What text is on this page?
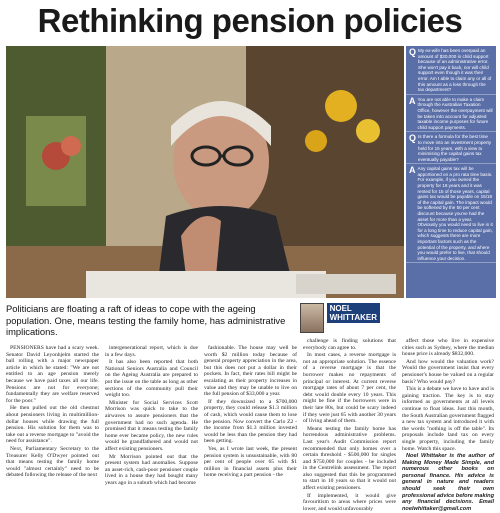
Rethinking pension policies
Q My ex-wife has been overpaid an amount of $30,000 in child support because of an administrative error. She won't pay it back, nor will child support even though it was their error. Am I able to claim any or all of this amount as a loss through the tax department?
A You are not able to make a claim through the Australian Taxation Office, however the overpayment will be taken into account for adjusted taxable income purposes for future child support payments.
Q Is there a formula for the best time to move into an investment property held for 15 years, with a view to minimising the capital gains tax eventually payable?
A Any capital gains tax will be apportioned on a pro rata time basis. For example, if you owned the property for 18 years and it was rented for 15 of those years, capital gains tax would be payable on 15/18 of the capital gain. The impact would be softened by the 50 per cent discount because you've had the asset for more than a year. Obviously you would need to live in it for a long time to reduce capital gain, which suggests there are more important factors such as the potential of the property, and where you would prefer to live, that should influence your decision.
Politicians are floating a raft of ideas to cope with the ageing population. One, means testing the family home, has administrative implications.
NOEL
WHITTAKER

PENSIONERS have had a scary week. Senator David Leyonhjelm started the ball rolling with a major newspaper article in which he stated: "We are not entitled to an age pension merely because we have paid taxes all our life. Pensions are not for everyone; fundamentally they are welfare reserved for the poor."

He then pulled out the old chestnut about pensioners living in multimillion-dollar houses while drawing the full pension. His solution for them was to take out a reverse mortgage to "avoid the need for assistance".

Next, Parliamentary Secretary to the Treasurer Kelly O'Dwyer pointed out that means testing the family home would "almost certainly" need to be debated following the release of the next

intergenerational report, which is due in a few days.

It has also been reported that both National Seniors Australia and Council on the Ageing Australia are prepared to put the issue on the table as long as other sections of the community pull their weight too.

Minister for Social Services Scott Morrison was quick to take to the airwaves to assure pensioners that the government had no such agenda. He promised that it means testing the family home ever became policy, the new rules would be grandfathered and would not affect existing pensioners.

Mr Morrison pointed out that the present system had anomalies. Suppose an asset-rich, cash-poor pensioner couple lived in a house they had bought many years ago in a suburb which had become

fashionable. The house may well be worth $2 million today because of general property appreciation in the area, but this does not put a dollar in their pockets. In fact, their rates bill might be escalating as their property increases in value and they may be unable to live on the full pension of $33,000 a year.

If they downsized to a $700,000 property, they could release $1.3 million of cash, which would cause them to lose the pension. Now convert the Carlo Z2 - the income from $1.3 million invested would be less than the pension they had been getting.

Yes, as I wrote last week, the present pension system is unsustainable, with 80 per cent of people over 65 with $1 million in financial assets plus their home receiving a part pension - the

challenge is finding solutions that everybody can agree to.

In most cases, a reverse mortgage is not an appropriate solution. The essence of a reverse mortgage is that the borrower makes no repayments of principal or interest. At current reverse mortgage rates of about 7 per cent, the debt would double every 10 years. This might be fine if the borrowers were in their late 80s, but could be scary indeed if they were just 65 with another 30 years of living ahead of them.

Means testing the family home has horrendous administrative problems. Last year's Audit Commission report recommended that only homes over a certain threshold - $500,000 for singles and $750,000 for couples - be included in the Centrelink assessment. The report also suggested that this be programmed to start in 10 years so that it would not affect existing pensioners.

If implemented, it would give favouritism to areas where prices were lower, and would unfavourably

affect those who live in expensive cities such as Sydney, where the median house price is already $832,000.

And how would the valuation work? Would the government insist that every pensioner's house be valued on a regular basis? Who would pay?

This is a debate we have to have and is gaining traction. The key is to stay informed as governments at all levels continue to float ideas. Just this month, the South Australian government flagged a new tax system and introduced it with the words "nothing is off the table". Its proposals include land tax on every single property, including the family home. Watch this space.

Noel Whittaker is the author of Making Money Made Simple, and numerous other books on personal finance. His advice is general in nature and readers should seek their own professional advice before making any financial decisions. Email noelwhittaker@gmail.com
